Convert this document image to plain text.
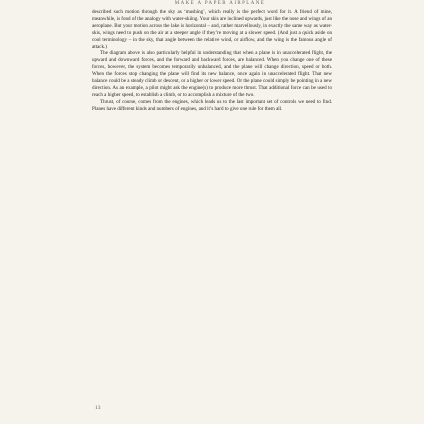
MAKE A PAPER AIRPLANE

described such motion through the sky as ‘mushing’, which really is the perfect word for it. A friend of mine, meanwhile, is fond of the analogy with water-skiing. Your skis are inclined upwards, just like the nose and wings of an aeroplane. But your motion across the lake is horizontal – and, rather marvellously, in exactly the same way as water-skis, wings need to push on the air at a steeper angle if they’re moving at a slower speed. (And just a quick aside on cool terminology – in the sky, that angle between the relative wind, or airflow, and the wing is the famous angle of attack.)

The diagram above is also particularly helpful in understanding that when a plane is in unaccelerated flight, the upward and downward forces, and the forward and backward forces, are balanced. When you change one of these forces, however, the system becomes temporarily unbalanced, and the plane will change direction, speed or both. When the forces stop changing the plane will find its new balance, once again in unaccelerated flight. That new balance could be a steady climb or descent, or a higher or lower speed. Or the plane could simply be pointing in a new direction. As an example, a pilot might ask the engine(s) to produce more thrust. That additional force can be used to reach a higher speed, to establish a climb, or to accomplish a mixture of the two.

Thrust, of course, comes from the engines, which leads us to the last important set of controls we need to find. Planes have different kinds and numbers of engines, and it’s hard to give one rule for them all.

13
